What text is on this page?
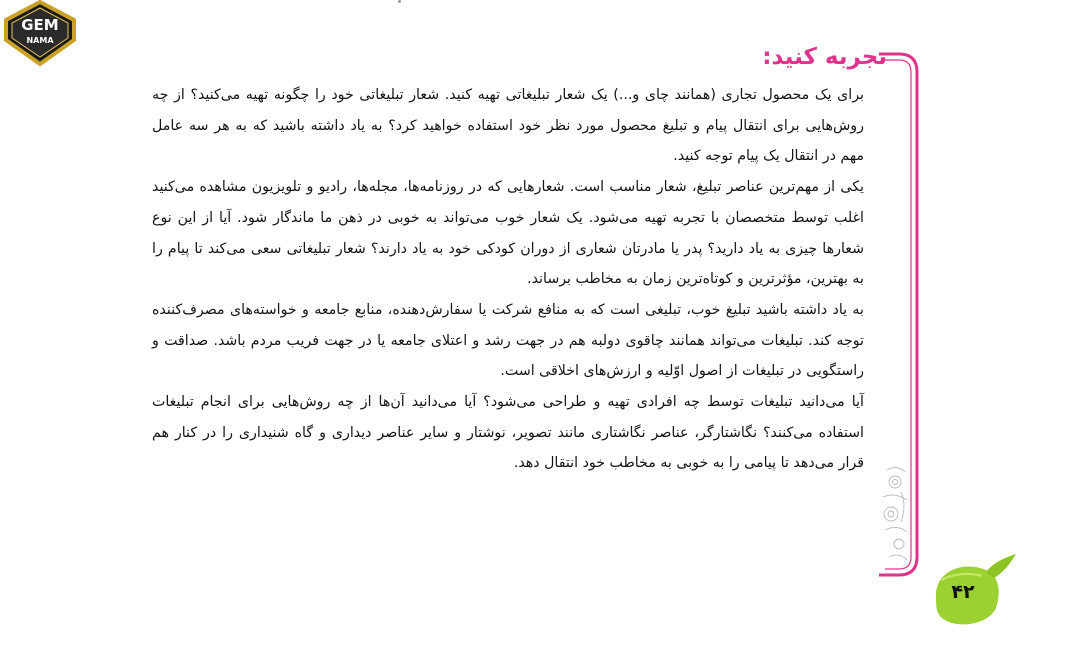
GEM
NAMA
تجربه کنید:

برای یک محصول تجاری (همانند چای و...) یک شعار تبلیغاتی تهیه کنید. شعار تبلیغاتی خود را چگونه تهیه می‌کنید؟ از چه روش‌هایی برای انتقال پیام و تبلیغ محصول مورد نظر خود استفاده خواهید کرد؟ به یاد داشته باشید که به هر سه عامل مهم در انتقال یک پیام توجه کنید.

یکی از مهم‌ترین عناصر تبلیغ، شعار مناسب است. شعارهایی که در روزنامه‌ها، مجله‌ها، رادیو و تلویزیون مشاهده می‌کنید اغلب توسط متخصصان با تجربه تهیه می‌شود. یک شعار خوب می‌تواند به خوبی در ذهن ما ماندگار شود. آیا از این نوع شعارها چیزی به یاد دارید؟ پدر یا مادرتان شعاری از دوران کودکی خود به یاد دارند؟ شعار تبلیغاتی سعی می‌کند تا پیام را به بهترین، مؤثرترین و کوتاه‌ترین زمان به مخاطب برساند.

به یاد داشته باشید تبلیغ خوب، تبلیغی است که به منافع شرکت یا سفارش‌دهنده، منابع جامعه و خواسته‌های مصرف‌کننده توجه کند. تبلیغات می‌تواند همانند چاقوی دولبه هم در جهت رشد و اعتلای جامعه یا در جهت فریب مردم باشد. صداقت و راستگویی در تبلیغات از اصول اوّلیه و ارزش‌های اخلاقی است.

آیا می‌دانید تبلیغات توسط چه افرادی تهیه و طراحی می‌شود؟ آیا می‌دانید آن‌ها از چه روش‌هایی برای انجام تبلیغات استفاده می‌کنند؟ نگاشتارگر، عناصر نگاشتاری مانند تصویر، نوشتار و سایر عناصر دیداری و گاه شنیداری را در کنار هم قرار می‌دهد تا پیامی را به خوبی به مخاطب خود انتقال دهد.

۴۲
